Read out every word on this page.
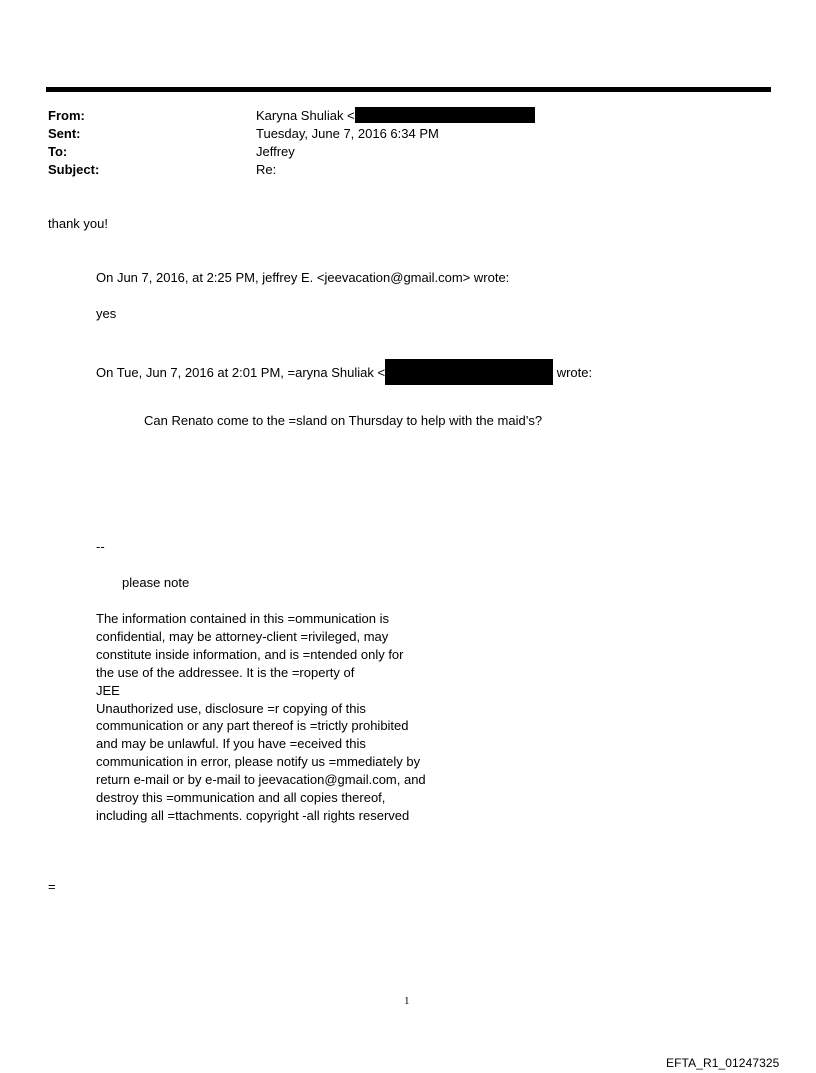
From:	Karyna Shuliak <
Sent:	Tuesday, June 7, 2016 6:34 PM
To:	Jeffrey
Subject:	Re:
thank you!
On Jun 7, 2016, at 2:25 PM, jeffrey E. <jeevacation@gmail.com> wrote:
yes
On Tue, Jun 7, 2016 at 2:01 PM, =aryna Shuliak <	wrote:
Can Renato come to the =sland on Thursday to help with the maid’s?
--
please note
The information contained in this =ommunication is
confidential, may be attorney-client =rivileged, may
constitute inside information, and is =ntended only for
the use of the addressee. It is the =roperty of
JEE
Unauthorized use, disclosure =r copying of this
communication or any part thereof is =trictly prohibited
and may be unlawful. If you have =eceived this
communication in error, please notify us =mmediately by
return e-mail or by e-mail to jeevacation@gmail.com, and
destroy this =ommunication and all copies thereof,
including all =ttachments. copyright -all rights reserved
=
1
EFTA_R1_01247325
